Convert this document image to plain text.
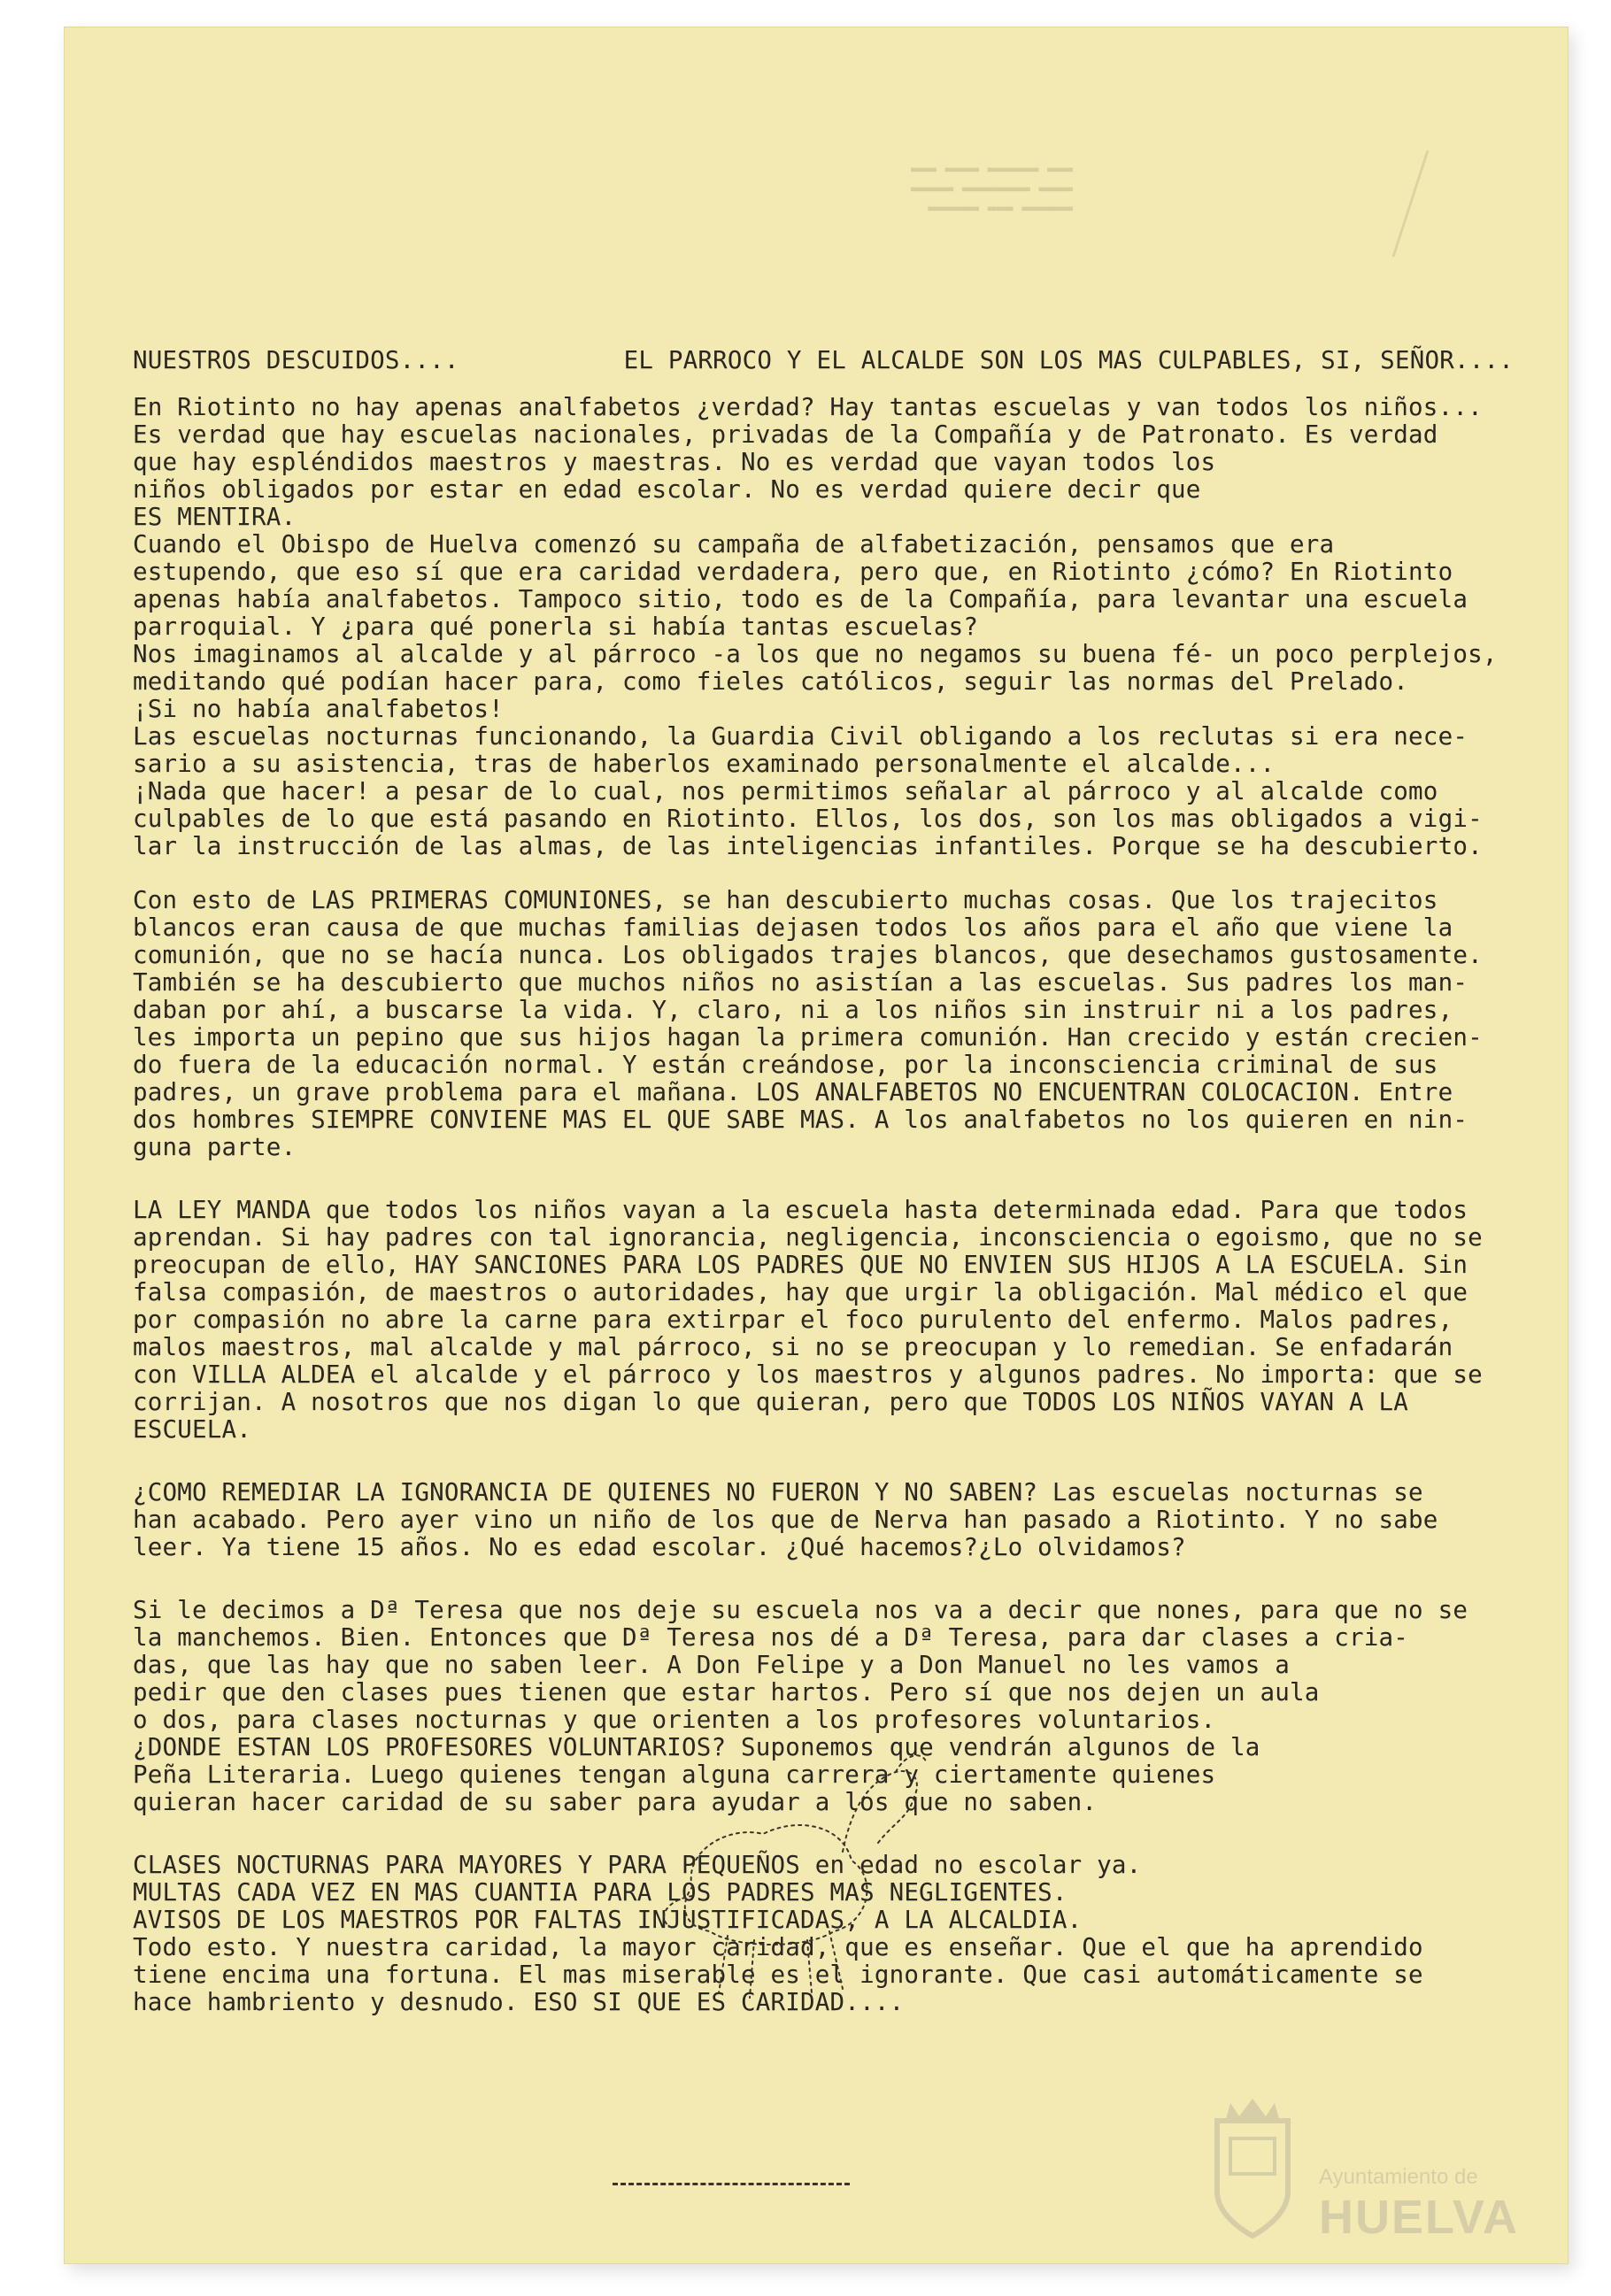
▬▬▬ ▬▬▬▬▬▬ ▬▬▬▬ ▬▬▬
▬▬▬▬ ▬▬▬▬▬▬▬▬ ▬▬▬▬▬
▬▬▬▬▬▬ ▬▬▬ ▬▬▬▬▬▬
NUESTROS DESCUIDOS....	EL PARROCO Y EL ALCALDE SON LOS MAS CULPABLES, SI, SEÑOR....
En Riotinto no hay apenas analfabetos ¿verdad? Hay tantas escuelas y van todos los niños...
Es verdad que hay escuelas nacionales, privadas de la Compañía y de Patronato. Es verdad
que hay espléndidos maestros y maestras. No es verdad que vayan todos los
niños obligados por estar en edad escolar. No es verdad quiere decir que
ES MENTIRA.
Cuando el Obispo de Huelva comenzó su campaña de alfabetización, pensamos que era
estupendo, que eso sí que era caridad verdadera, pero que, en Riotinto ¿cómo? En Riotinto
apenas había analfabetos. Tampoco sitio, todo es de la Compañía, para levantar una escuela
parroquial. Y ¿para qué ponerla si había tantas escuelas?
Nos imaginamos al alcalde y al párroco -a los que no negamos su buena fé- un poco perplejos,
meditando qué podían hacer para, como fieles católicos, seguir las normas del Prelado.
¡Si no había analfabetos!
Las escuelas nocturnas funcionando, la Guardia Civil obligando a los reclutas si era nece-
sario a su asistencia, tras de haberlos examinado personalmente el alcalde...
¡Nada que hacer! a pesar de lo cual, nos permitimos señalar al párroco y al alcalde como
culpables de lo que está pasando en Riotinto. Ellos, los dos, son los mas obligados a vigi-
lar la instrucción de las almas, de las inteligencias infantiles. Porque se ha descubierto.
Con esto de LAS PRIMERAS COMUNIONES, se han descubierto muchas cosas. Que los trajecitos
blancos eran causa de que muchas familias dejasen todos los años para el año que viene la
comunión, que no se hacía nunca. Los obligados trajes blancos, que desechamos gustosamente.
También se ha descubierto que muchos niños no asistían a las escuelas. Sus padres los man-
daban por ahí, a buscarse la vida. Y, claro, ni a los niños sin instruir ni a los padres,
les importa un pepino que sus hijos hagan la primera comunión. Han crecido y están crecien-
do fuera de la educación normal. Y están creándose, por la inconsciencia criminal de sus
padres, un grave problema para el mañana. LOS ANALFABETOS NO ENCUENTRAN COLOCACION. Entre
dos hombres SIEMPRE CONVIENE MAS EL QUE SABE MAS. A los analfabetos no los quieren en nin-
guna parte.
LA LEY MANDA que todos los niños vayan a la escuela hasta determinada edad. Para que todos
aprendan. Si hay padres con tal ignorancia, negligencia, inconsciencia o egoismo, que no se
preocupan de ello, HAY SANCIONES PARA LOS PADRES QUE NO ENVIEN SUS HIJOS A LA ESCUELA. Sin
falsa compasión, de maestros o autoridades, hay que urgir la obligación. Mal médico el que
por compasión no abre la carne para extirpar el foco purulento del enfermo. Malos padres,
malos maestros, mal alcalde y mal párroco, si no se preocupan y lo remedian. Se enfadarán
con VILLA ALDEA el alcalde y el párroco y los maestros y algunos padres. No importa: que se
corrijan. A nosotros que nos digan lo que quieran, pero que TODOS LOS NIÑOS VAYAN A LA
ESCUELA.
¿COMO REMEDIAR LA IGNORANCIA DE QUIENES NO FUERON Y NO SABEN? Las escuelas nocturnas se
han acabado. Pero ayer vino un niño de los que de Nerva han pasado a Riotinto. Y no sabe
leer. Ya tiene 15 años. No es edad escolar. ¿Qué hacemos?¿Lo olvidamos?
Si le decimos a Dª Teresa que nos deje su escuela nos va a decir que nones, para que no se
la manchemos. Bien. Entonces que Dª Teresa nos dé a Dª Teresa, para dar clases a cria-
das, que las hay que no saben leer. A Don Felipe y a Don Manuel no les vamos a
pedir que den clases pues tienen que estar hartos. Pero sí que nos dejen un aula
o dos, para clases nocturnas y que orienten a los profesores voluntarios.
¿DONDE ESTAN LOS PROFESORES VOLUNTARIOS? Suponemos que vendrán algunos de la
Peña Literaria. Luego quienes tengan alguna carrera y ciertamente quienes
quieran hacer caridad de su saber para ayudar a los que no saben.
CLASES NOCTURNAS PARA MAYORES Y PARA PEQUEÑOS en edad no escolar ya.
MULTAS CADA VEZ EN MAS CUANTIA PARA LOS PADRES MAS NEGLIGENTES.
AVISOS DE LOS MAESTROS POR FALTAS INJUSTIFICADAS, A LA ALCALDIA.
Todo esto. Y nuestra caridad, la mayor caridad, que es enseñar. Que el que ha aprendido
tiene encima una fortuna. El mas miserable es el ignorante. Que casi automáticamente se
hace hambriento y desnudo. ESO SI QUE ES CARIDAD....
Ayuntamiento de
HUELVA
